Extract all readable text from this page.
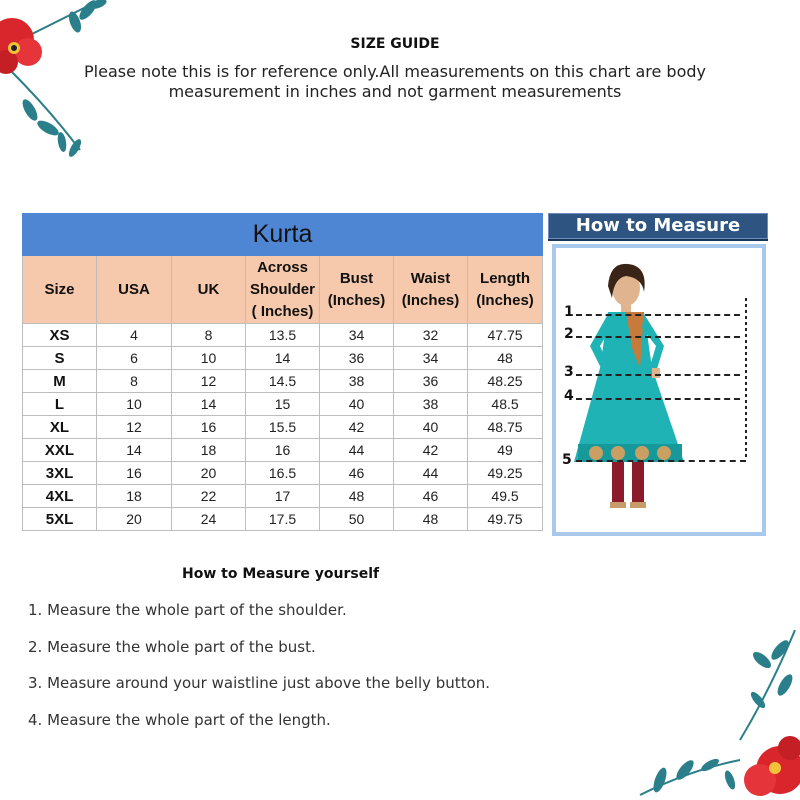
SIZE GUIDE
Please note this is for reference only.All measurements on this chart are body measurement in inches and not garment measurements
Kurta						
Size	USA	UK	Across Shoulder ( Inches)	Bust (Inches)	Waist (Inches)	Length (Inches)
XS	4	8	13.5	34	32	47.75
S	6	10	14	36	34	48
M	8	12	14.5	38	36	48.25
L	10	14	15	40	38	48.5
XL	12	16	15.5	42	40	48.75
XXL	14	18	16	44	42	49
3XL	16	20	16.5	46	44	49.25
4XL	18	22	17	48	46	49.5
5XL	20	24	17.5	50	48	49.75
How to Measure
1
2
3
4
5
How to Measure yourself
1. Measure the whole part of the shoulder.
2. Measure the whole part of the bust.
3. Measure around your waistline just above the belly button.
4. Measure the whole part of the length.
